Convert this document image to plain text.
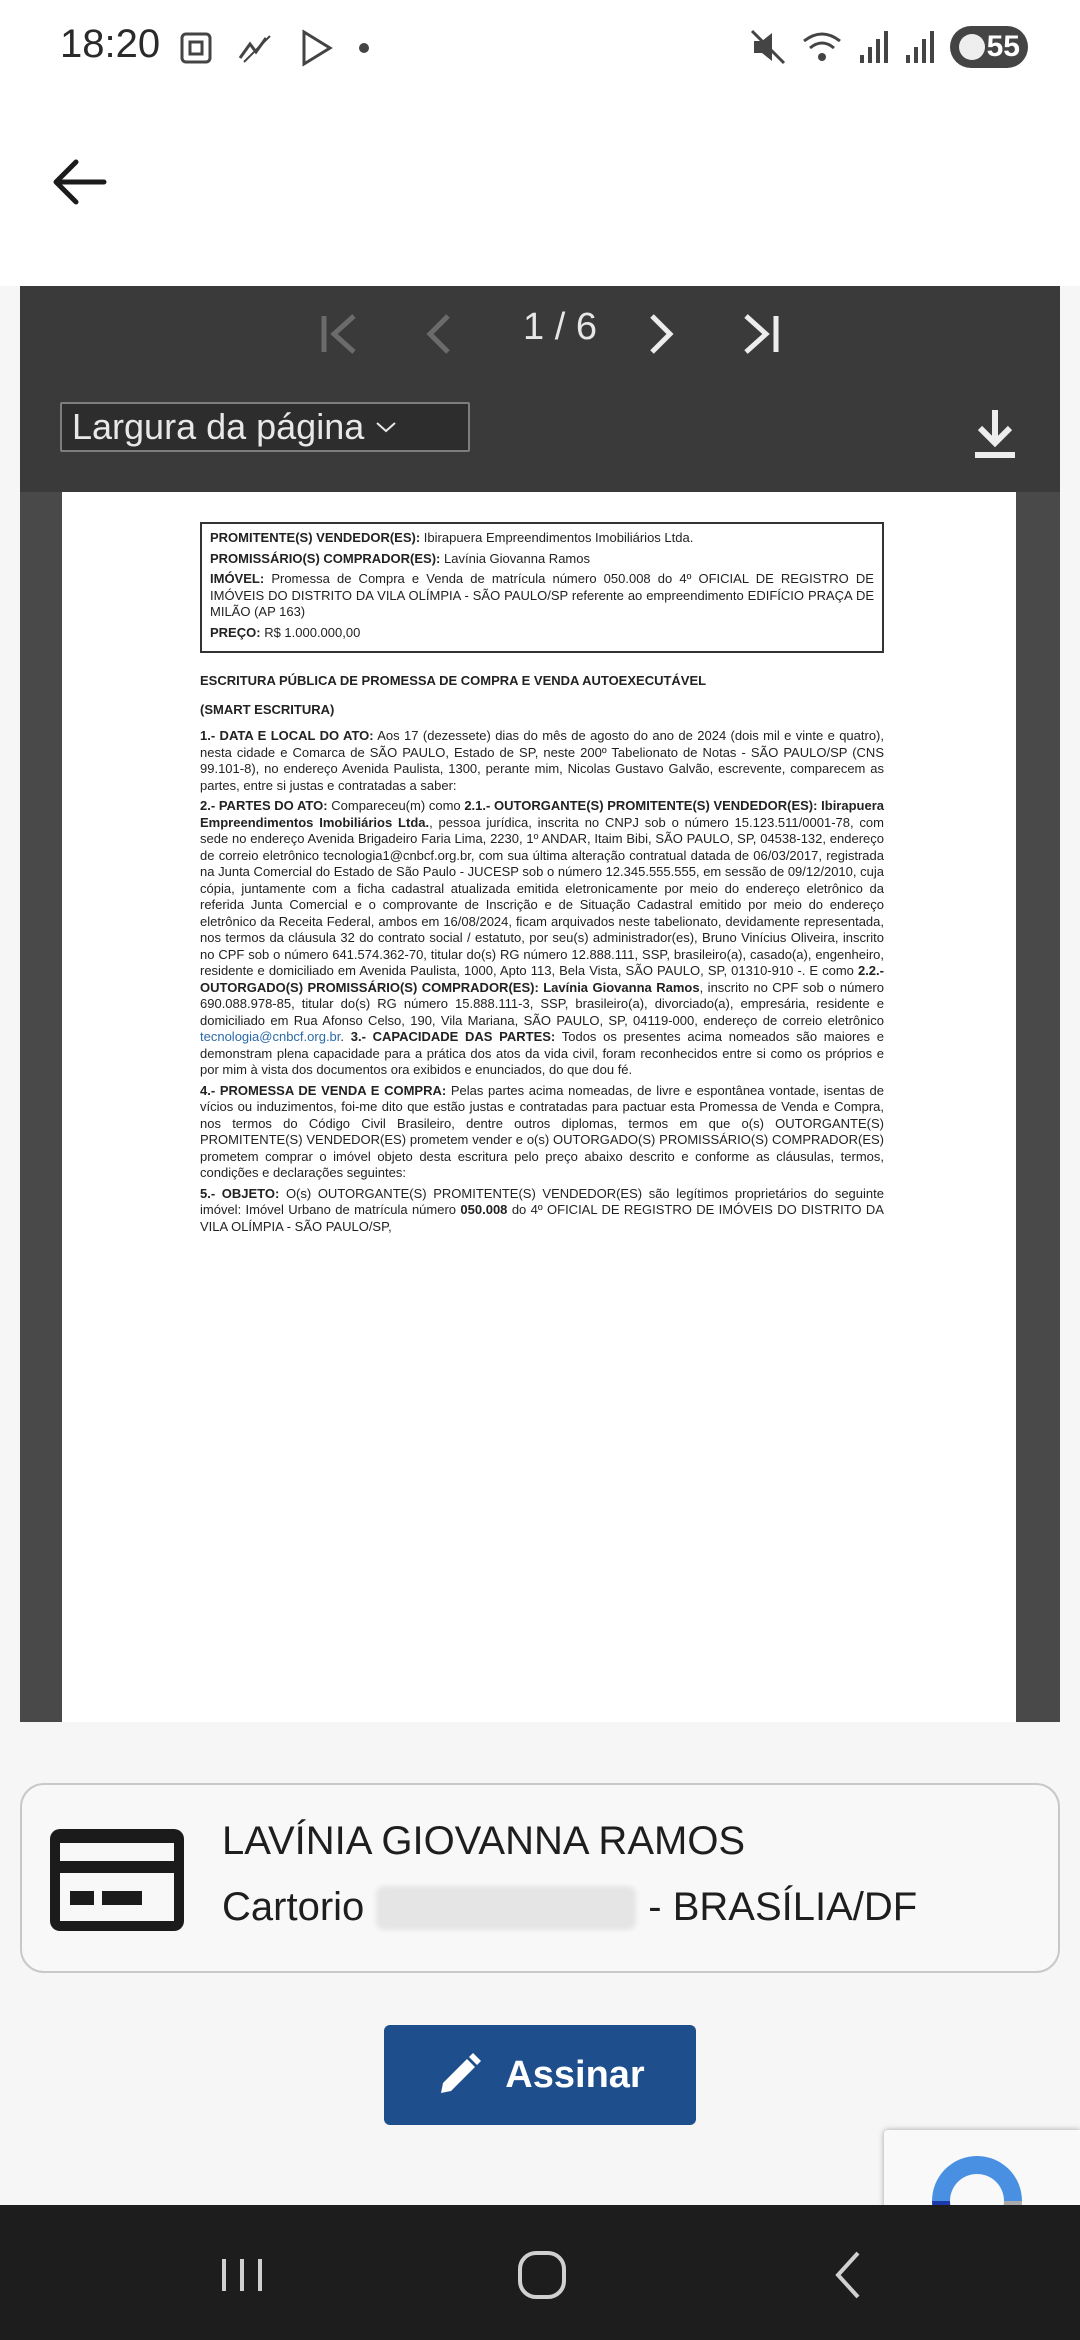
18:20	55
1 / 6
Largura da página

PROMITENTE(S) VENDEDOR(ES): Ibirapuera Empreendimentos Imobiliários Ltda.

PROMISSÁRIO(S) COMPRADOR(ES): Lavínia Giovanna Ramos

IMÓVEL: Promessa de Compra e Venda de matrícula número 050.008 do 4º OFICIAL DE REGISTRO DE IMÓVEIS DO DISTRITO DA VILA OLÍMPIA - SÃO PAULO/SP referente ao empreendimento EDIFÍCIO PRAÇA DE MILÃO (AP 163)

PREÇO: R$ 1.000.000,00

ESCRITURA PÚBLICA DE PROMESSA DE COMPRA E VENDA AUTOEXECUTÁVEL
(SMART ESCRITURA)

1.- DATA E LOCAL DO ATO: Aos 17 (dezessete) dias do mês de agosto do ano de 2024 (dois mil e vinte e quatro), nesta cidade e Comarca de SÃO PAULO, Estado de SP, neste 200º Tabelionato de Notas - SÃO PAULO/SP (CNS 99.101-8), no endereço Avenida Paulista, 1300, perante mim, Nicolas Gustavo Galvão, escrevente, comparecem as partes, entre si justas e contratadas a saber:

2.- PARTES DO ATO: Compareceu(m) como 2.1.- OUTORGANTE(S) PROMITENTE(S) VENDEDOR(ES): Ibirapuera Empreendimentos Imobiliários Ltda., pessoa jurídica, inscrita no CNPJ sob o número 15.123.511/0001-78, com sede no endereço Avenida Brigadeiro Faria Lima, 2230, 1º ANDAR, Itaim Bibi, SÃO PAULO, SP, 04538-132, endereço de correio eletrônico tecnologia1@cnbcf.org.br, com sua última alteração contratual datada de 06/03/2017, registrada na Junta Comercial do Estado de São Paulo - JUCESP sob o número 12.345.555.555, em sessão de 09/12/2010, cuja cópia, juntamente com a ficha cadastral atualizada emitida eletronicamente por meio do endereço eletrônico da referida Junta Comercial e o comprovante de Inscrição e de Situação Cadastral emitido por meio do endereço eletrônico da Receita Federal, ambos em 16/08/2024, ficam arquivados neste tabelionato, devidamente representada, nos termos da cláusula 32 do contrato social / estatuto, por seu(s) administrador(es), Bruno Vinícius Oliveira, inscrito no CPF sob o número 641.574.362-70, titular do(s) RG número 12.888.111, SSP, brasileiro(a), casado(a), engenheiro, residente e domiciliado em Avenida Paulista, 1000, Apto 113, Bela Vista, SÃO PAULO, SP, 01310-910 -. E como 2.2.- OUTORGADO(S) PROMISSÁRIO(S) COMPRADOR(ES): Lavínia Giovanna Ramos, inscrito no CPF sob o número 690.088.978-85, titular do(s) RG número 15.888.111-3, SSP, brasileiro(a), divorciado(a), empresária, residente e domiciliado em Rua Afonso Celso, 190, Vila Mariana, SÃO PAULO, SP, 04119-000, endereço de correio eletrônico tecnologia@cnbcf.org.br. 3.- CAPACIDADE DAS PARTES: Todos os presentes acima nomeados são maiores e demonstram plena capacidade para a prática dos atos da vida civil, foram reconhecidos entre si como os próprios e por mim à vista dos documentos ora exibidos e enunciados, do que dou fé.

4.- PROMESSA DE VENDA E COMPRA: Pelas partes acima nomeadas, de livre e espontânea vontade, isentas de vícios ou induzimentos, foi-me dito que estão justas e contratadas para pactuar esta Promessa de Venda e Compra, nos termos do Código Civil Brasileiro, dentre outros diplomas, termos em que o(s) OUTORGANTE(S) PROMITENTE(S) VENDEDOR(ES) prometem vender e o(s) OUTORGADO(S) PROMISSÁRIO(S) COMPRADOR(ES) prometem comprar o imóvel objeto desta escritura pelo preço abaixo descrito e conforme as cláusulas, termos, condições e declarações seguintes:

5.- OBJETO: O(s) OUTORGANTE(S) PROMITENTE(S) VENDEDOR(ES) são legítimos proprietários do seguinte imóvel: Imóvel Urbano de matrícula número 050.008 do 4º OFICIAL DE REGISTRO DE IMÓVEIS DO DISTRITO DA VILA OLÍMPIA - SÃO PAULO/SP,

LAVÍNIA GIOVANNA RAMOS
Cartorio	- BRASÍLIA/DF
Assinar
